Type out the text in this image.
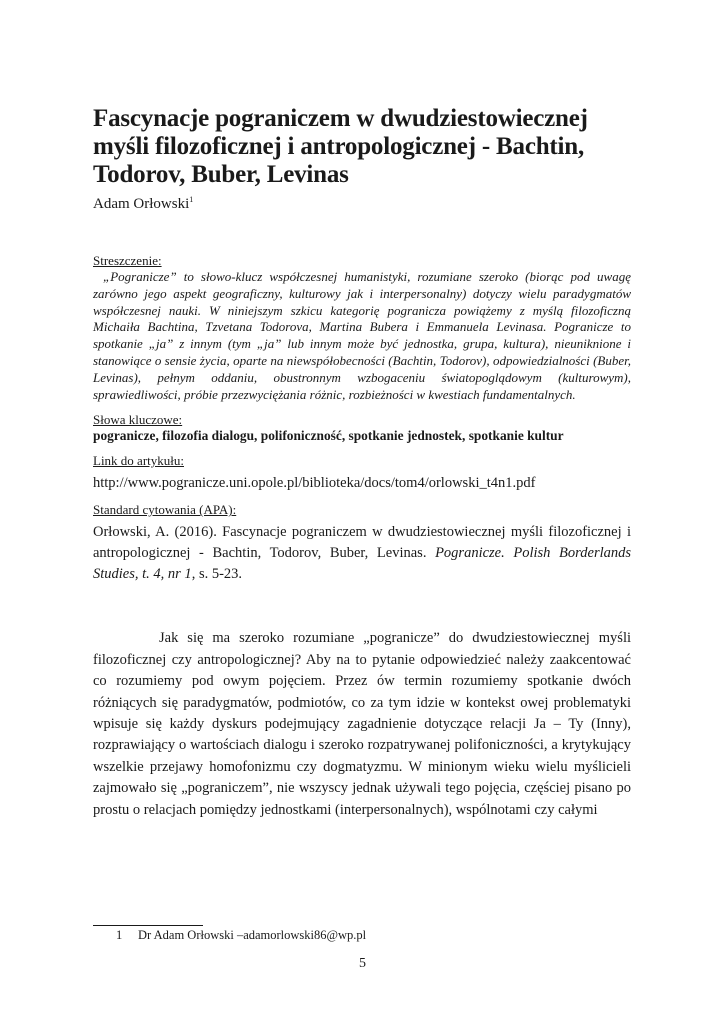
Fascynacje pograniczem w dwudziestowiecznej myśli filozoficznej i antropologicznej - Bachtin, Todorov, Buber, Levinas
Adam Orłowski$^1$
Streszczenie:

„Pogranicze” to słowo-klucz współczesnej humanistyki, rozumiane szeroko (biorąc pod uwagę zarówno jego aspekt geograficzny, kulturowy jak i interpersonalny) dotyczy wielu paradygmatów współczesnej nauki. W niniejszym szkicu kategorię pogranicza powiążemy z myślą filozoficzną Michaiła Bachtina, Tzvetana Todorova, Martina Bubera i Emmanuela Levinasa. Pogranicze to spotkanie „ja” z innym (tym „ja” lub innym może być jednostka, grupa, kultura), nieuniknione i stanowiące o sensie życia, oparte na niewspółobecności (Bachtin, Todorov), odpowiedzialności (Buber, Levinas), pełnym oddaniu, obustronnym wzbogaceniu światopoglądowym (kulturowym), sprawiedliwości, próbie przezwyciężania różnic, rozbieżności w kwestiach fundamentalnych.

Słowa kluczowe:

pogranicze, filozofia dialogu, polifoniczność, spotkanie jednostek, spotkanie kultur

Link do artykułu:
http://www.pogranicze.uni.opole.pl/biblioteka/docs/tom4/orlowski_t4n1.pdf
Standard cytowania (APA):

Orłowski, A. (2016). Fascynacje pograniczem w dwudziestowiecznej myśli filozoficznej i antropologicznej - Bachtin, Todorov, Buber, Levinas. Pogranicze. Polish Borderlands Studies, t. 4, nr 1, s. 5-23.

Jak się ma szeroko rozumiane „pogranicze” do dwudziestowiecznej myśli filozoficznej czy antropologicznej? Aby na to pytanie odpowiedzieć należy zaakcentować co rozumiemy pod owym pojęciem. Przez ów termin rozumiemy spotkanie dwóch różniących się paradygmatów, podmiotów, co za tym idzie w kontekst owej problematyki wpisuje się każdy dyskurs podejmujący zagadnienie dotyczące relacji Ja – Ty (Inny), rozprawiający o wartościach dialogu i szeroko rozpatrywanej polifoniczności, a krytykujący wszelkie przejawy homofonizmu czy dogmatyzmu. W minionym wieku wielu myślicieli zajmowało się „pograniczem”, nie wszyscy jednak używali tego pojęcia, częściej pisano po prostu o relacjach pomiędzy jednostkami (interpersonalnych), wspólnotami czy całymi

1 Dr Adam Orłowski –adamorlowski86@wp.pl
5
